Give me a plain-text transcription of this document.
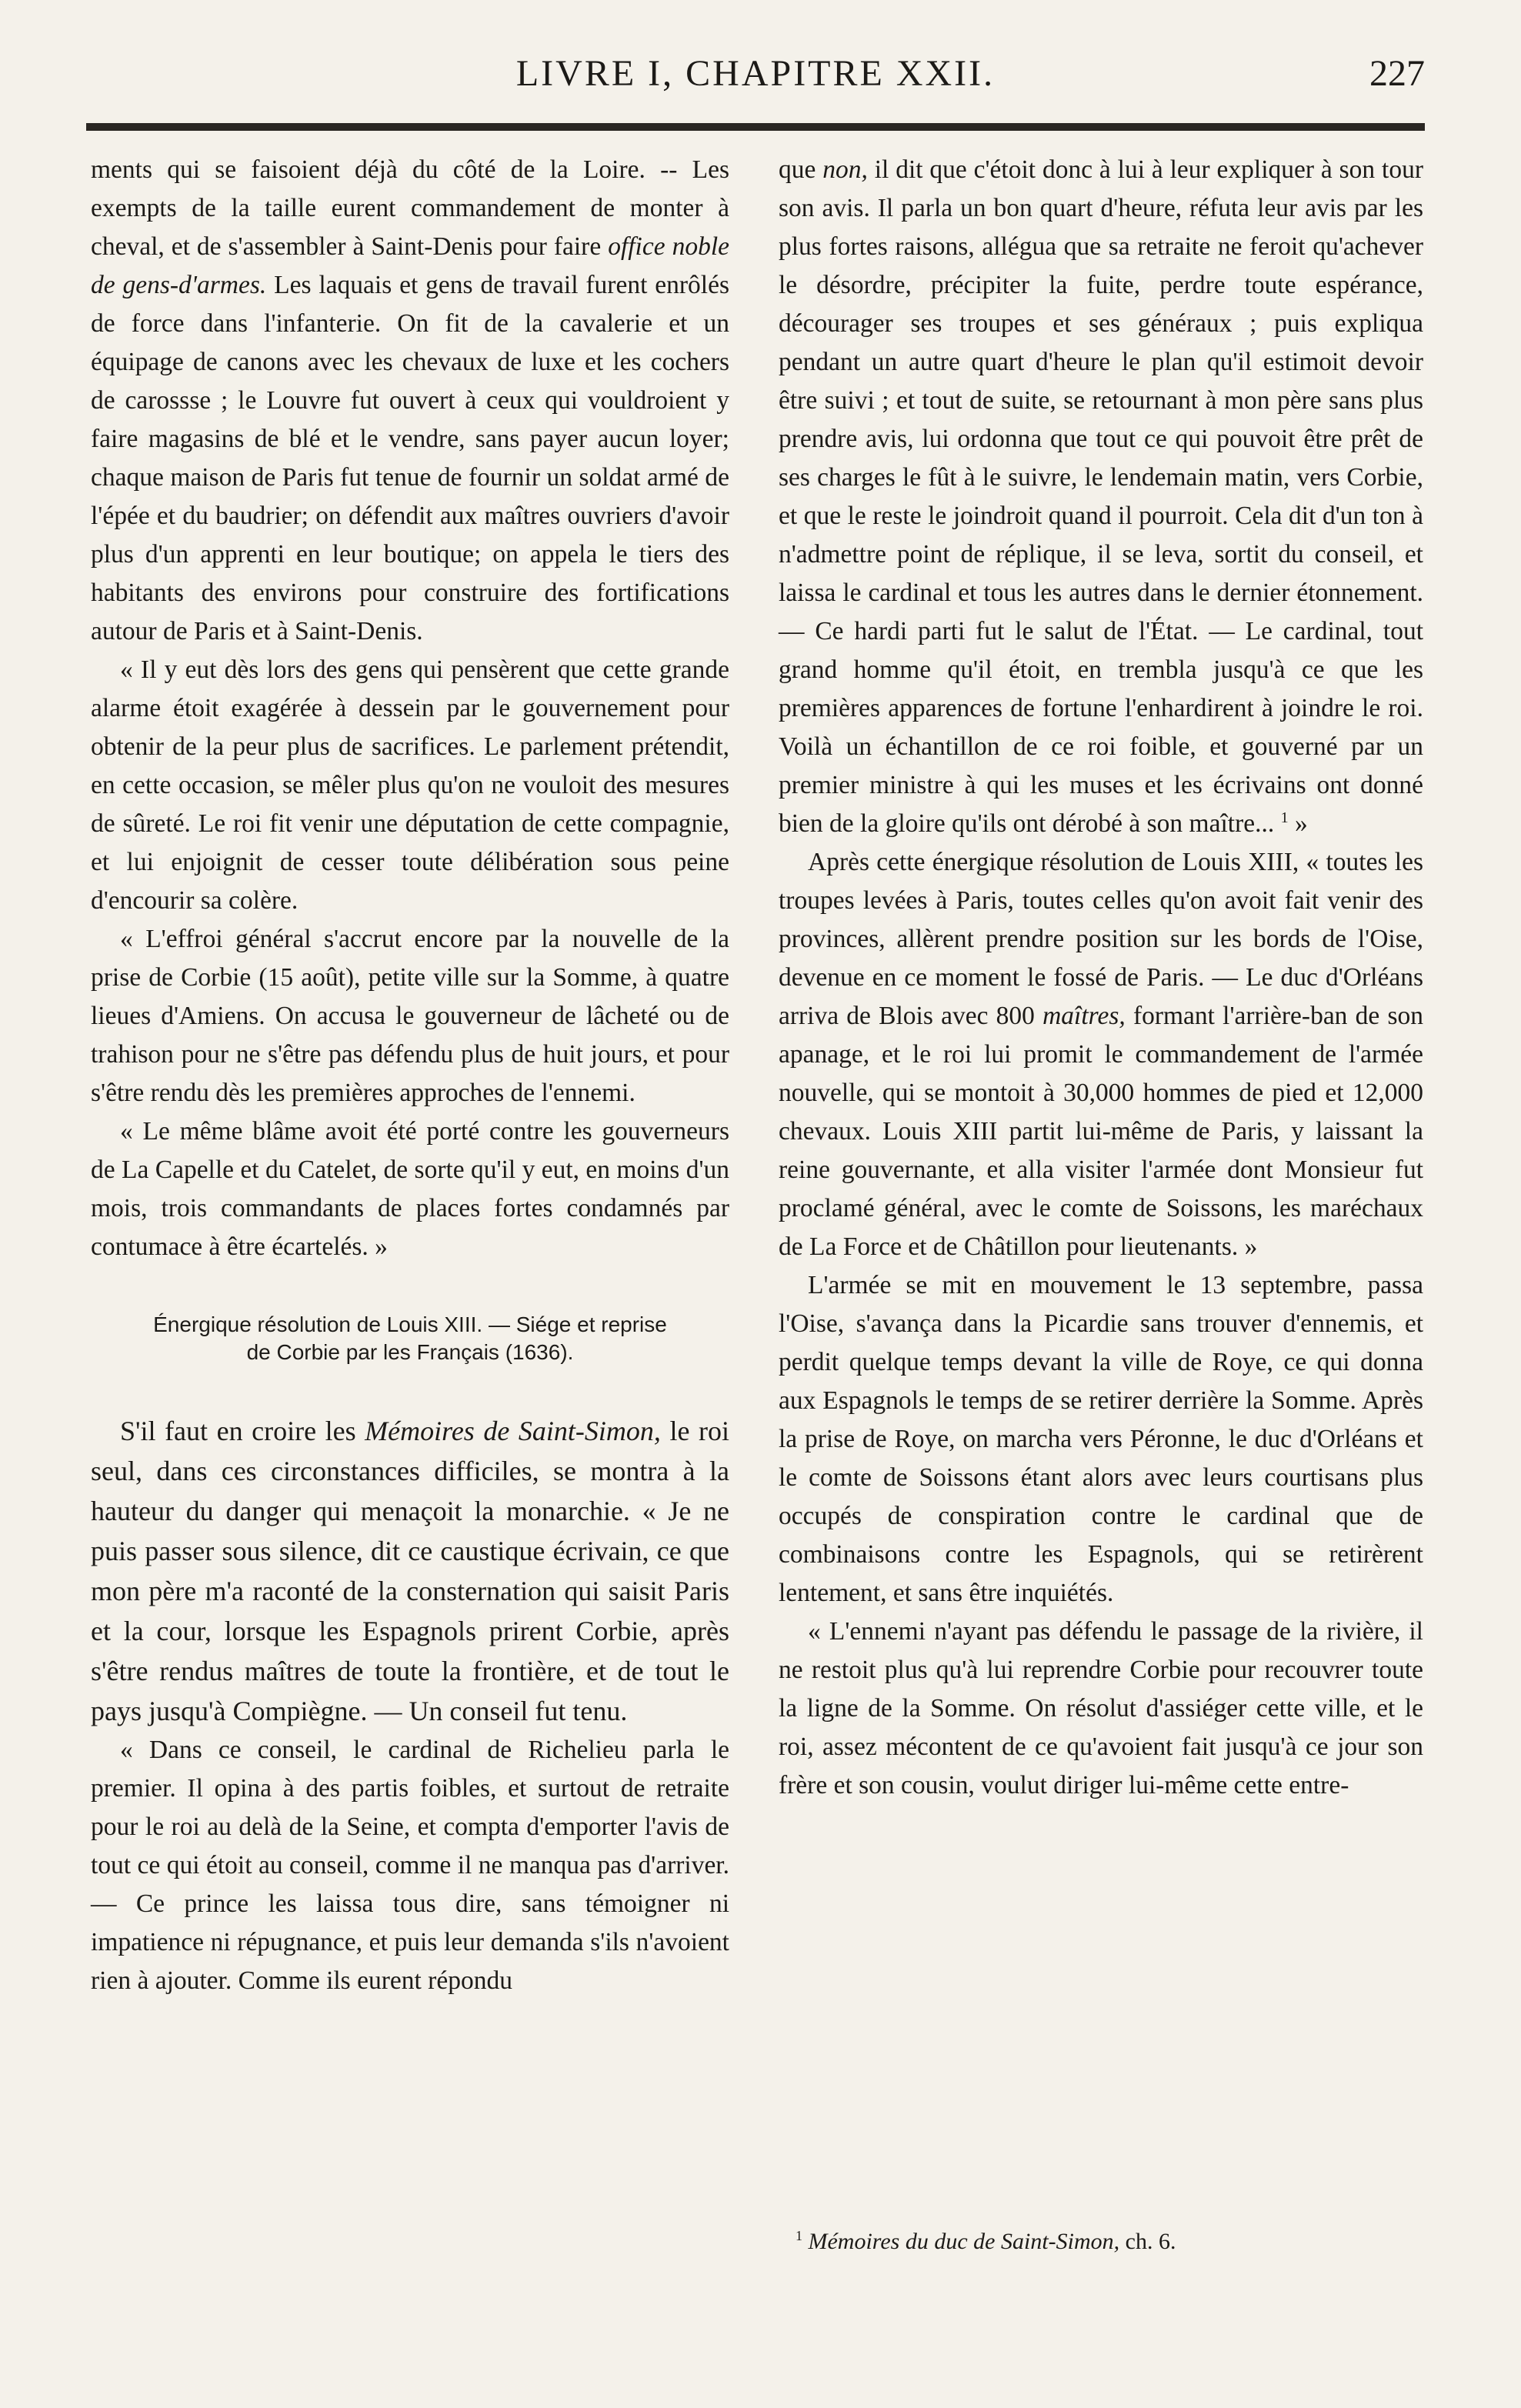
LIVRE I, CHAPITRE XXII.	227

ments qui se faisoient déjà du côté de la Loire. -- Les exempts de la taille eurent commandement de monter à cheval, et de s'assembler à Saint-Denis pour faire office noble de gens-d'armes. Les laquais et gens de travail furent enrôlés de force dans l'infanterie. On fit de la cavalerie et un équipage de canons avec les chevaux de luxe et les cochers de carossse ; le Louvre fut ouvert à ceux qui vouldroient y faire magasins de blé et le vendre, sans payer aucun loyer; chaque maison de Paris fut tenue de fournir un soldat armé de l'épée et du baudrier; on défendit aux maîtres ouvriers d'avoir plus d'un apprenti en leur boutique; on appela le tiers des habitants des environs pour construire des fortifications autour de Paris et à Saint-Denis.

« Il y eut dès lors des gens qui pensèrent que cette grande alarme étoit exagérée à dessein par le gouvernement pour obtenir de la peur plus de sacrifices. Le parlement prétendit, en cette occasion, se mêler plus qu'on ne vouloit des mesures de sûreté. Le roi fit venir une députation de cette compagnie, et lui enjoignit de cesser toute délibération sous peine d'encourir sa colère.

« L'effroi général s'accrut encore par la nouvelle de la prise de Corbie (15 août), petite ville sur la Somme, à quatre lieues d'Amiens. On accusa le gouverneur de lâcheté ou de trahison pour ne s'être pas défendu plus de huit jours, et pour s'être rendu dès les premières approches de l'ennemi.

« Le même blâme avoit été porté contre les gouverneurs de La Capelle et du Catelet, de sorte qu'il y eut, en moins d'un mois, trois commandants de places fortes condamnés par contumace à être écartelés. »

Énergique résolution de Louis XIII. — Siége et reprise
de Corbie par les Français (1636).

S'il faut en croire les Mémoires de Saint-Simon, le roi seul, dans ces circonstances difficiles, se montra à la hauteur du danger qui menaçoit la monarchie. « Je ne puis passer sous silence, dit ce caustique écrivain, ce que mon père m'a raconté de la consternation qui saisit Paris et la cour, lorsque les Espagnols prirent Corbie, après s'être rendus maîtres de toute la frontière, et de tout le pays jusqu'à Compiègne. — Un conseil fut tenu.

« Dans ce conseil, le cardinal de Richelieu parla le premier. Il opina à des partis foibles, et surtout de retraite pour le roi au delà de la Seine, et compta d'emporter l'avis de tout ce qui étoit au conseil, comme il ne manqua pas d'arriver. — Ce prince les laissa tous dire, sans témoigner ni impatience ni répugnance, et puis leur demanda s'ils n'avoient rien à ajouter. Comme ils eurent répondu

que non, il dit que c'étoit donc à lui à leur expliquer à son tour son avis. Il parla un bon quart d'heure, réfuta leur avis par les plus fortes raisons, allégua que sa retraite ne feroit qu'achever le désordre, précipiter la fuite, perdre toute espérance, décourager ses troupes et ses généraux ; puis expliqua pendant un autre quart d'heure le plan qu'il estimoit devoir être suivi ; et tout de suite, se retournant à mon père sans plus prendre avis, lui ordonna que tout ce qui pouvoit être prêt de ses charges le fût à le suivre, le lendemain matin, vers Corbie, et que le reste le joindroit quand il pourroit. Cela dit d'un ton à n'admettre point de réplique, il se leva, sortit du conseil, et laissa le cardinal et tous les autres dans le dernier étonnement. — Ce hardi parti fut le salut de l'État. — Le cardinal, tout grand homme qu'il étoit, en trembla jusqu'à ce que les premières apparences de fortune l'enhardirent à joindre le roi. Voilà un échantillon de ce roi foible, et gouverné par un premier ministre à qui les muses et les écrivains ont donné bien de la gloire qu'ils ont dérobé à son maître... $^1$ »

Après cette énergique résolution de Louis XIII, « toutes les troupes levées à Paris, toutes celles qu'on avoit fait venir des provinces, allèrent prendre position sur les bords de l'Oise, devenue en ce moment le fossé de Paris. — Le duc d'Orléans arriva de Blois avec 800 maîtres, formant l'arrière-ban de son apanage, et le roi lui promit le commandement de l'armée nouvelle, qui se montoit à 30,000 hommes de pied et 12,000 chevaux. Louis XIII partit lui-même de Paris, y laissant la reine gouvernante, et alla visiter l'armée dont Monsieur fut proclamé général, avec le comte de Soissons, les maréchaux de La Force et de Châtillon pour lieutenants. »

L'armée se mit en mouvement le 13 septembre, passa l'Oise, s'avança dans la Picardie sans trouver d'ennemis, et perdit quelque temps devant la ville de Roye, ce qui donna aux Espagnols le temps de se retirer derrière la Somme. Après la prise de Roye, on marcha vers Péronne, le duc d'Orléans et le comte de Soissons étant alors avec leurs courtisans plus occupés de conspiration contre le cardinal que de combinaisons contre les Espagnols, qui se retirèrent lentement, et sans être inquiétés.

« L'ennemi n'ayant pas défendu le passage de la rivière, il ne restoit plus qu'à lui reprendre Corbie pour recouvrer toute la ligne de la Somme. On résolut d'assiéger cette ville, et le roi, assez mécontent de ce qu'avoient fait jusqu'à ce jour son frère et son cousin, voulut diriger lui-même cette entre-

$^1$ Mémoires du duc de Saint-Simon, ch. 6.
